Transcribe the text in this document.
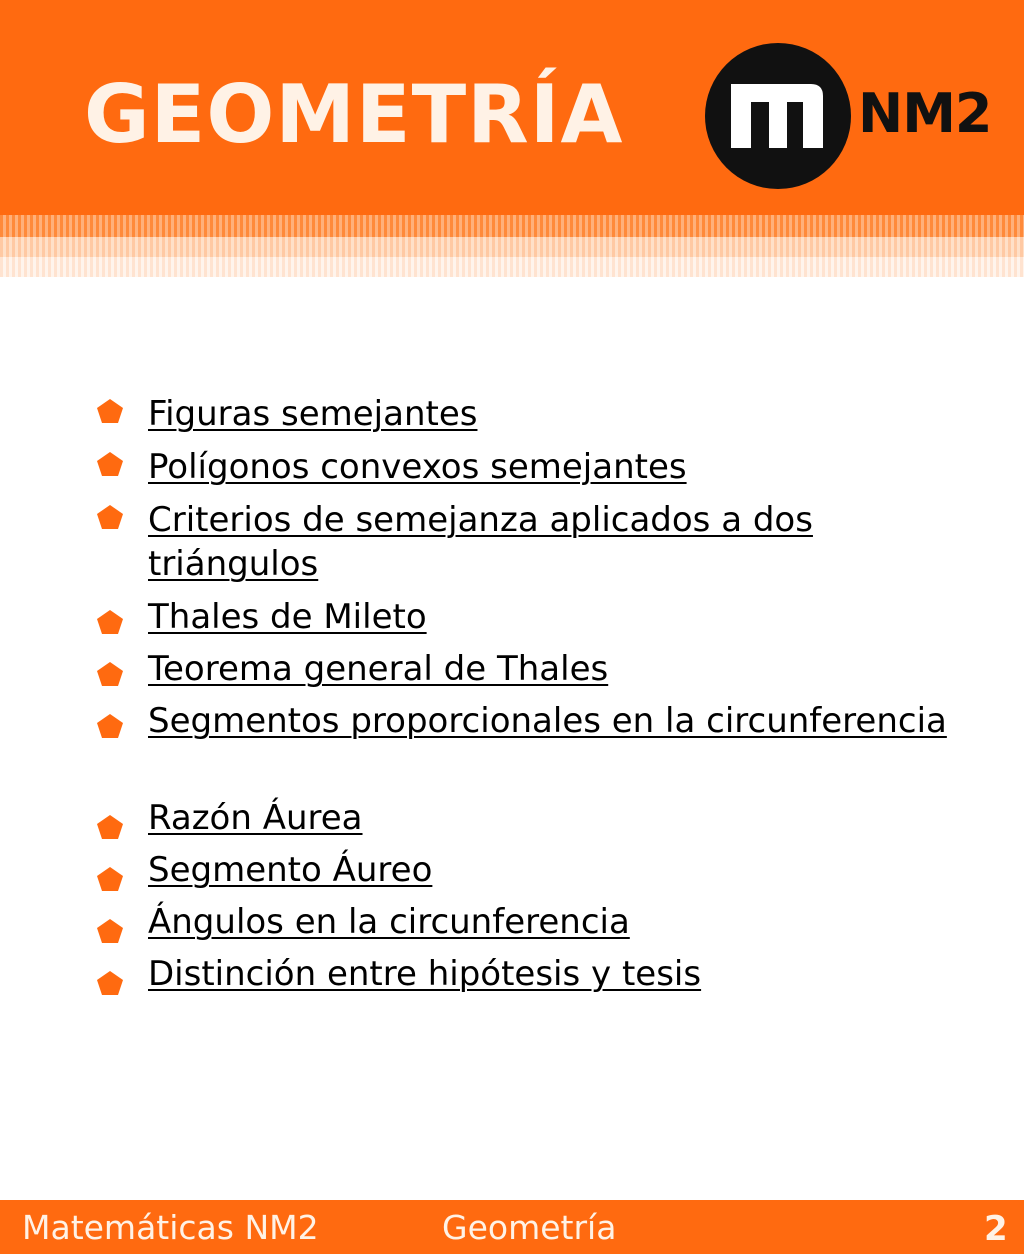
GEOMETRÍA	NM2
Figuras semejantes
Polígonos convexos semejantes
Criterios de semejanza aplicados a dos triángulos
Thales de Mileto
Teorema general de Thales
Segmentos proporcionales en la circunferencia
Razón Áurea
Segmento Áureo
Ángulos en la circunferencia
Distinción entre hipótesis y tesis
Matemáticas NM2	Geometría	2
